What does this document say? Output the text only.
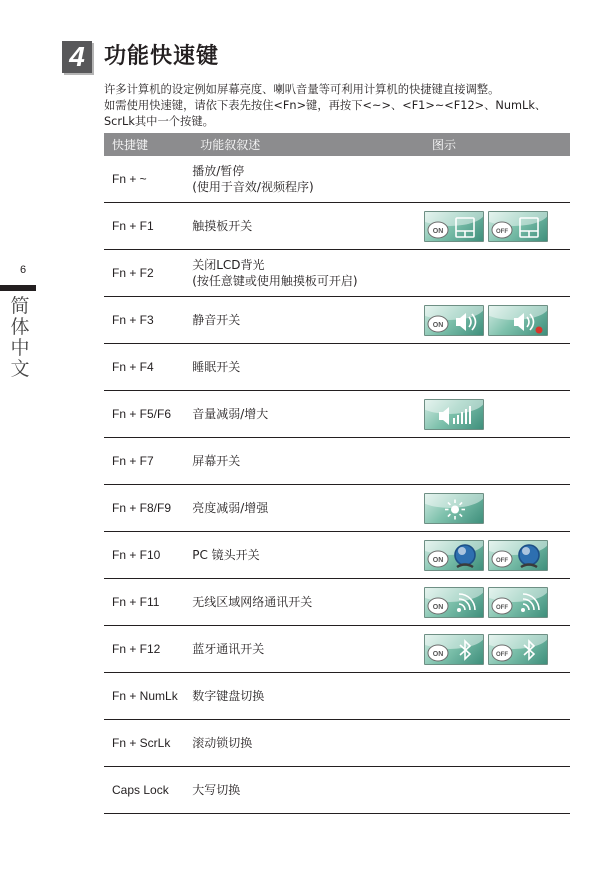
4 功能快速键

许多计算机的设定例如屏幕亮度、喇叭音量等可利用计算机的快捷键直接调整。

如需使用快速键，请依下表先按住<Fn>键，再按下<~>、<F1>~<F12>、NumLk、

ScrLk其中一个按键。

6
简体中文
快捷键	功能叙叙述	图示
Fn + ~	播放/暂停
(使用于音效/视频程序)	

Fn + F1	触摸板开关	ON OFF

Fn + F2	关闭LCD背光
(按任意键或使用触摸板可开启)	

Fn + F3	静音开关	ON

Fn + F4	睡眠开关	

Fn + F5/F6	音量减弱/增大

Fn + F7	屏幕开关	

Fn + F8/F9	亮度减弱/增强

Fn + F10	PC 镜头开关	ON OFF

Fn + F11	无线区域网络通讯开关	ON OFF

Fn + F12	蓝牙通讯开关	ON OFF

Fn + NumLk	数字键盘切换	

Fn + ScrLk	滚动锁切换	

Caps Lock	大写切换	
